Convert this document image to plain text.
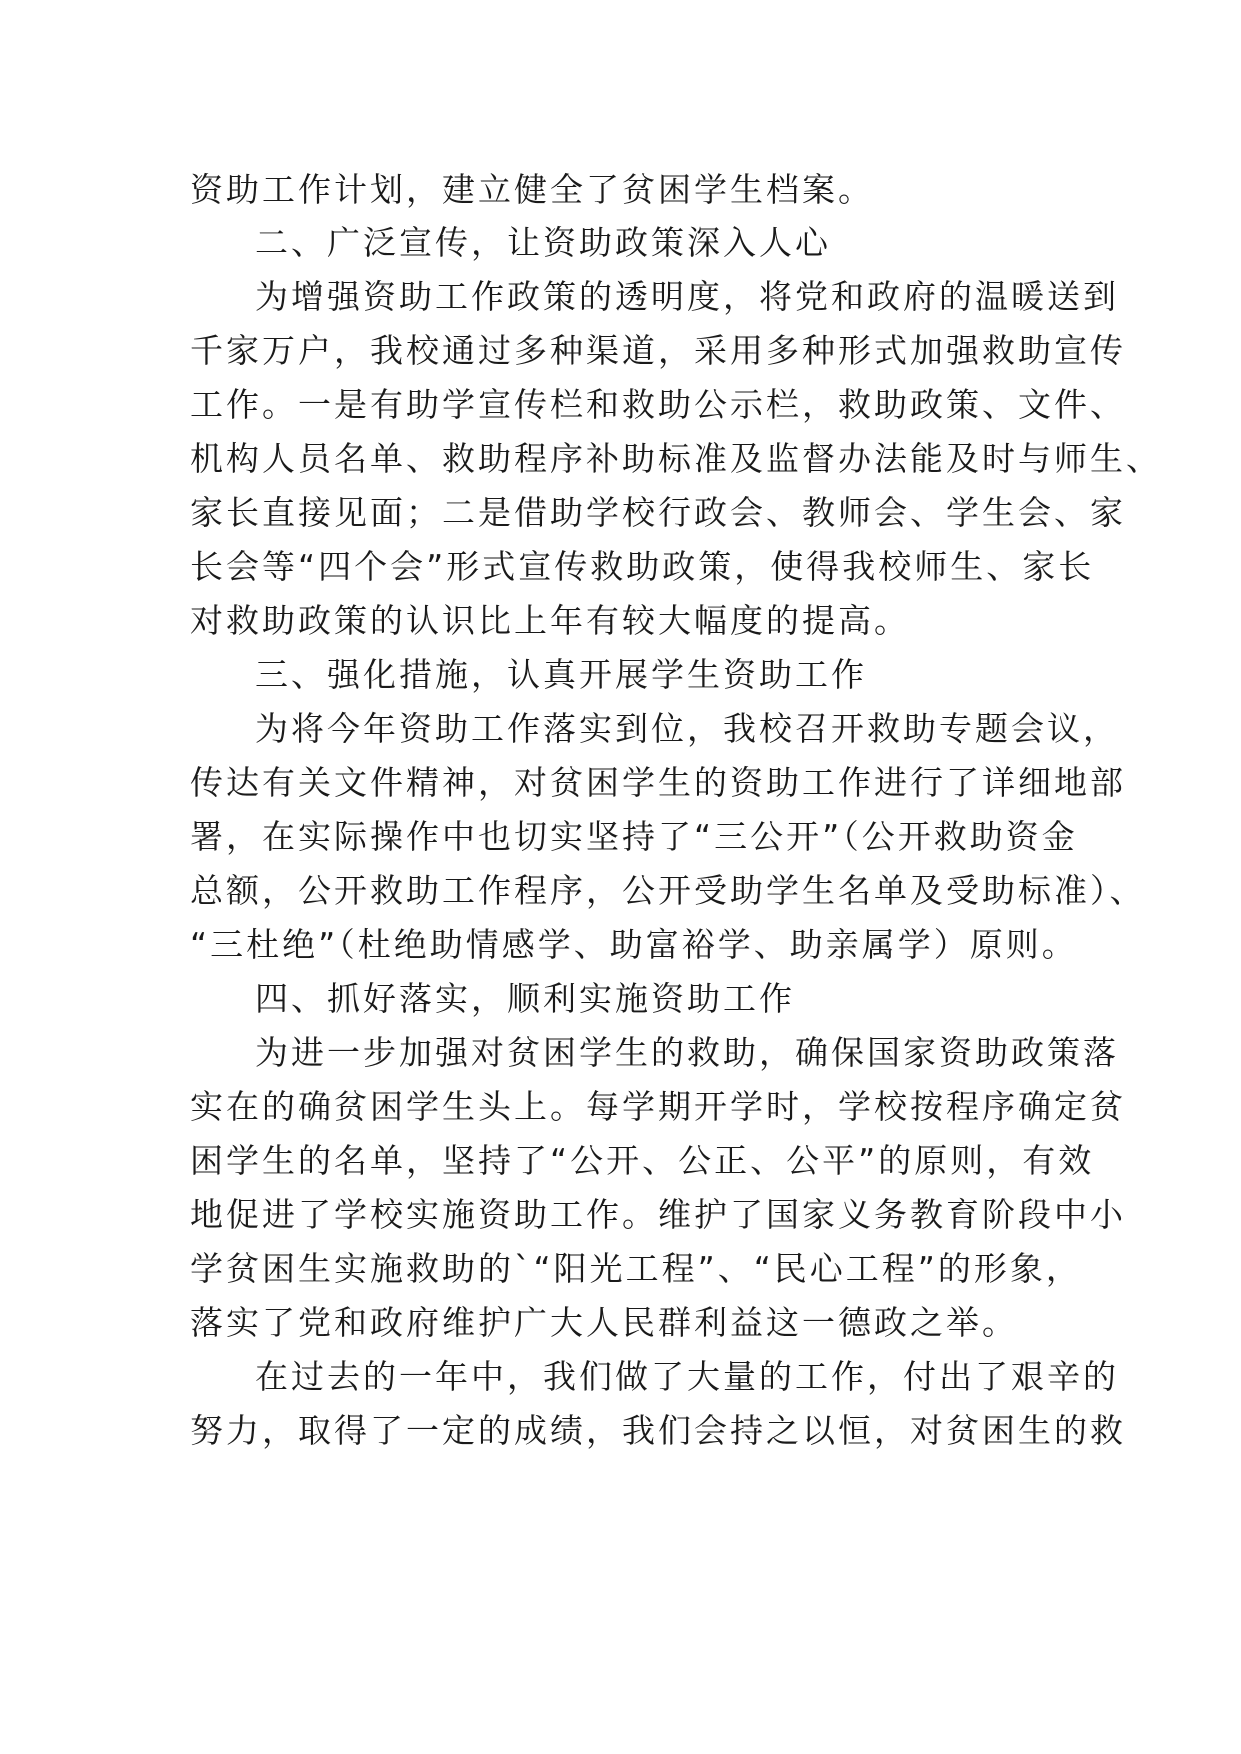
资助工作计划，建立健全了贫困学生档案。
二、广泛宣传，让资助政策深入人心
为增强资助工作政策的透明度，将党和政府的温暖送到
千家万户，我校通过多种渠道，采用多种形式加强救助宣传
工作。一是有助学宣传栏和救助公示栏，救助政策、文件、
机构人员名单、救助程序补助标准及监督办法能及时与师生、
家长直接见面；二是借助学校行政会、教师会、学生会、家
长会等“四个会”形式宣传救助政策，使得我校师生、家长
对救助政策的认识比上年有较大幅度的提高。
三、强化措施，认真开展学生资助工作
为将今年资助工作落实到位，我校召开救助专题会议，
传达有关文件精神，对贫困学生的资助工作进行了详细地部
署，在实际操作中也切实坚持了“三公开”（公开救助资金
总额，公开救助工作程序，公开受助学生名单及受助标准）、
“三杜绝”（杜绝助情感学、助富裕学、助亲属学）原则。
四、抓好落实，顺利实施资助工作
为进一步加强对贫困学生的救助，确保国家资助政策落
实在的确贫困学生头上。每学期开学时，学校按程序确定贫
困学生的名单，坚持了“公开、公正、公平”的原则，有效
地促进了学校实施资助工作。维护了国家义务教育阶段中小
学贫困生实施救助的`“阳光工程”、“民心工程”的形象，
落实了党和政府维护广大人民群利益这一德政之举。
在过去的一年中，我们做了大量的工作，付出了艰辛的
努力，取得了一定的成绩，我们会持之以恒，对贫困生的救
